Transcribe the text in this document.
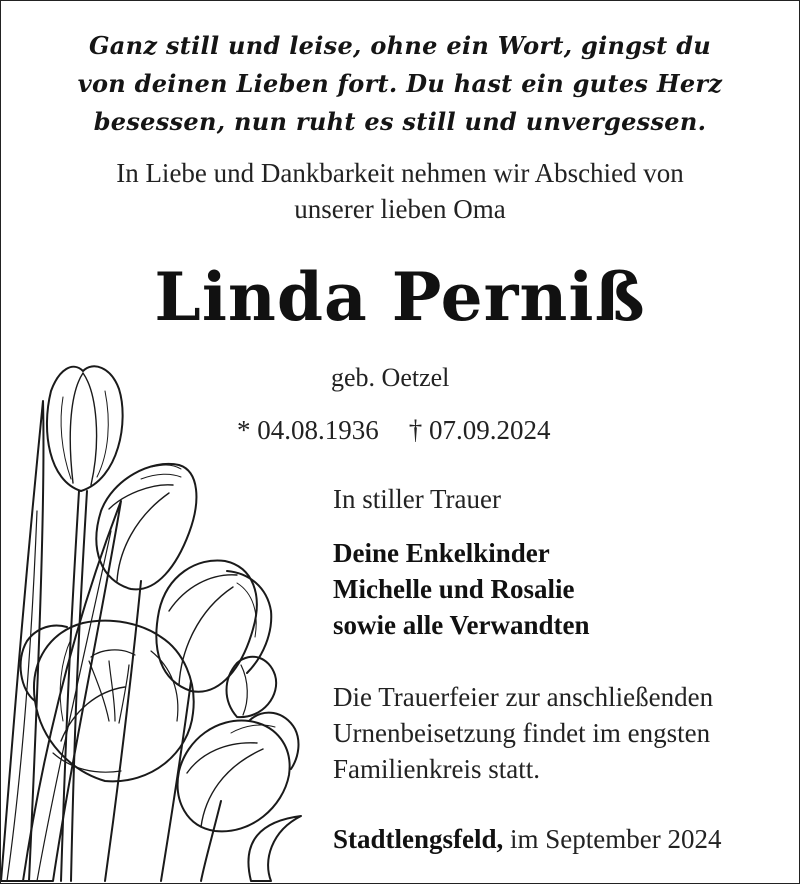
Ganz still und leise, ohne ein Wort, gingst du
von deinen Lieben fort. Du hast ein gutes Herz
besessen, nun ruht es still und unvergessen.
In Liebe und Dankbarkeit nehmen wir Abschied von
unserer lieben Oma
Linda Perniß
geb. Oetzel
* 04.08.1936 † 07.09.2024
In stiller Trauer
Deine Enkelkinder
Michelle und Rosalie
sowie alle Verwandten
Die Trauerfeier zur anschließenden
Urnenbeisetzung findet im engsten
Familienkreis statt.
Stadtlengsfeld, im September 2024
